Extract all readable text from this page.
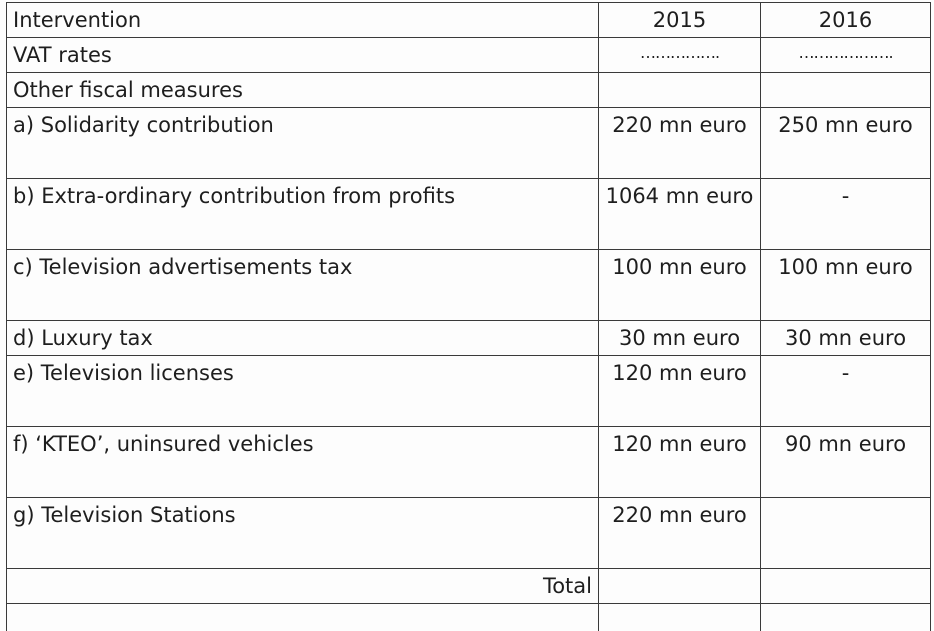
Intervention	2015	2016
VAT rates	…………….	……………….
Other fiscal measures		
a) Solidarity contribution	220 mn euro	250 mn euro
b) Extra-ordinary contribution from profits	1064 mn euro	-
c) Television advertisements tax	100 mn euro	100 mn euro
d) Luxury tax	30 mn euro	30 mn euro
e) Television licenses	120 mn euro	-
f) ‘KTEO’, uninsured vehicles	120 mn euro	90 mn euro
g) Television Stations	220 mn euro	
Total		
